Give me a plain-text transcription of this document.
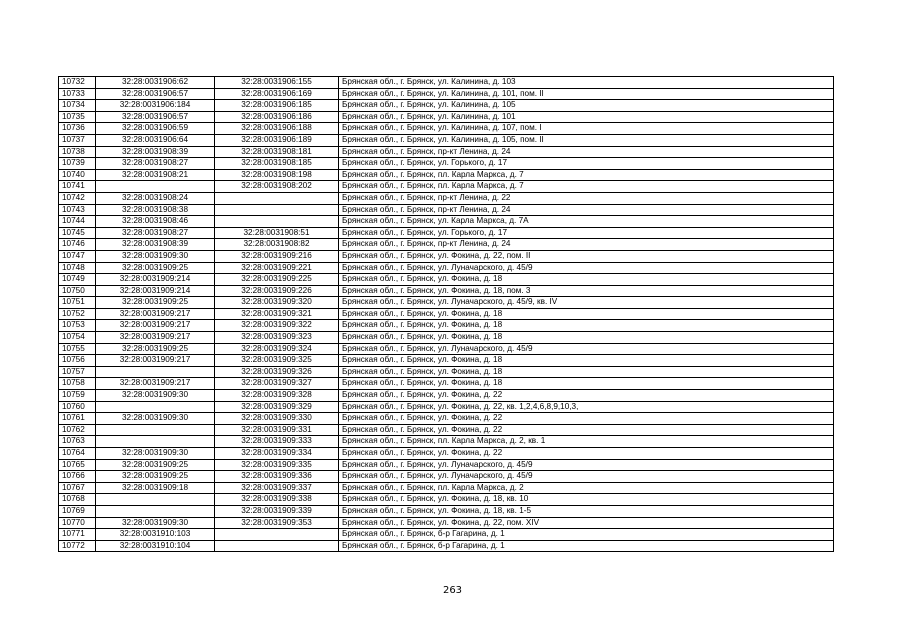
10732	32:28:0031906:62	32:28:0031906:155	Брянская обл., г. Брянск, ул. Калинина, д. 103
10733	32:28:0031906:57	32:28:0031906:169	Брянская обл., г. Брянск, ул. Калинина, д. 101, пом. II
10734	32:28:0031906:184	32:28:0031906:185	Брянская обл., г. Брянск, ул. Калинина, д. 105
10735	32:28:0031906:57	32:28:0031906:186	Брянская обл., г. Брянск, ул. Калинина, д. 101
10736	32:28:0031906:59	32:28:0031906:188	Брянская обл., г. Брянск, ул. Калинина, д. 107, пом. I
10737	32:28:0031906:64	32:28:0031906:189	Брянская обл., г. Брянск, ул. Калинина, д. 105, пом. II
10738	32:28:0031908:39	32:28:0031908:181	Брянская обл., г. Брянск, пр-кт Ленина, д. 24
10739	32:28:0031908:27	32:28:0031908:185	Брянская обл., г. Брянск, ул. Горького, д. 17
10740	32:28:0031908:21	32:28:0031908:198	Брянская обл., г. Брянск, пл. Карла Маркса, д. 7
10741		32:28:0031908:202	Брянская обл., г. Брянск, пл. Карла Маркса, д. 7
10742	32:28:0031908:24		Брянская обл., г. Брянск, пр-кт Ленина, д. 22
10743	32:28:0031908:38		Брянская обл., г. Брянск, пр-кт Ленина, д. 24
10744	32:28:0031908:46		Брянская обл., г. Брянск, ул. Карла Маркса, д. 7А
10745	32:28:0031908:27	32:28:0031908:51	Брянская обл., г. Брянск, ул. Горького, д. 17
10746	32:28:0031908:39	32:28:0031908:82	Брянская обл., г. Брянск, пр-кт Ленина, д. 24
10747	32:28:0031909:30	32:28:0031909:216	Брянская обл., г. Брянск, ул. Фокина, д. 22, пом. II
10748	32:28:0031909:25	32:28:0031909:221	Брянская обл., г. Брянск, ул. Луначарского, д. 45/9
10749	32:28:0031909:214	32:28:0031909:225	Брянская обл., г. Брянск, ул. Фокина, д. 18
10750	32:28:0031909:214	32:28:0031909:226	Брянская обл., г. Брянск, ул. Фокина, д. 18, пом. 3
10751	32:28:0031909:25	32:28:0031909:320	Брянская обл., г. Брянск, ул. Луначарского, д. 45/9, кв. IV
10752	32:28:0031909:217	32:28:0031909:321	Брянская обл., г. Брянск, ул. Фокина, д. 18
10753	32:28:0031909:217	32:28:0031909:322	Брянская обл., г. Брянск, ул. Фокина, д. 18
10754	32:28:0031909:217	32:28:0031909:323	Брянская обл., г. Брянск, ул. Фокина, д. 18
10755	32:28:0031909:25	32:28:0031909:324	Брянская обл., г. Брянск, ул. Луначарского, д. 45/9
10756	32:28:0031909:217	32:28:0031909:325	Брянская обл., г. Брянск, ул. Фокина, д. 18
10757		32:28:0031909:326	Брянская обл., г. Брянск, ул. Фокина, д. 18
10758	32:28:0031909:217	32:28:0031909:327	Брянская обл., г. Брянск, ул. Фокина, д. 18
10759	32:28:0031909:30	32:28:0031909:328	Брянская обл., г. Брянск, ул. Фокина, д. 22
10760		32:28:0031909:329	Брянская обл., г. Брянск, ул. Фокина, д. 22, кв. 1,2,4,6,8,9,10,3,
10761	32:28:0031909:30	32:28:0031909:330	Брянская обл., г. Брянск, ул. Фокина, д. 22
10762		32:28:0031909:331	Брянская обл., г. Брянск, ул. Фокина, д. 22
10763		32:28:0031909:333	Брянская обл., г. Брянск, пл. Карла Маркса, д. 2, кв. 1
10764	32:28:0031909:30	32:28:0031909:334	Брянская обл., г. Брянск, ул. Фокина, д. 22
10765	32:28:0031909:25	32:28:0031909:335	Брянская обл., г. Брянск, ул. Луначарского, д. 45/9
10766	32:28:0031909:25	32:28:0031909:336	Брянская обл., г. Брянск, ул. Луначарского, д. 45/9
10767	32:28:0031909:18	32:28:0031909:337	Брянская обл., г. Брянск, пл. Карла Маркса, д. 2
10768		32:28:0031909:338	Брянская обл., г. Брянск, ул. Фокина, д. 18, кв. 10
10769		32:28:0031909:339	Брянская обл., г. Брянск, ул. Фокина, д. 18, кв. 1-5
10770	32:28:0031909:30	32:28:0031909:353	Брянская обл., г. Брянск, ул. Фокина, д. 22, пом. XIV
10771	32:28:0031910:103		Брянская обл., г. Брянск, б-р Гагарина, д. 1
10772	32:28:0031910:104		Брянская обл., г. Брянск, б-р Гагарина, д. 1
263
